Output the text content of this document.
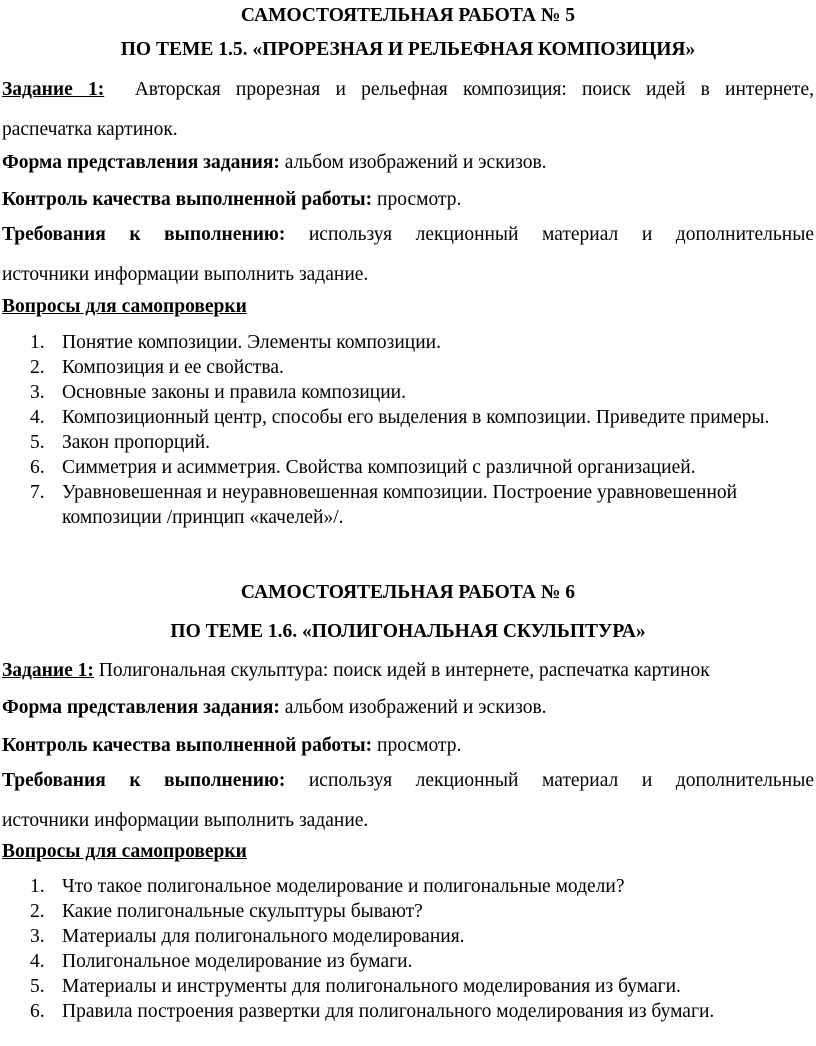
САМОСТОЯТЕЛЬНАЯ РАБОТА № 5
ПО ТЕМЕ 1.5. «ПРОРЕЗНАЯ И РЕЛЬЕФНАЯ КОМПОЗИЦИЯ»
Задание 1: Авторская прорезная и рельефная композиция: поиск идей в интернете,
распечатка картинок.
Форма представления задания: альбом изображений и эскизов.
Контроль качества выполненной работы: просмотр.
Требования к выполнению: используя лекционный материал и дополнительные
источники информации выполнить задание.
Вопросы для самопроверки
1. Понятие композиции. Элементы композиции.
2. Композиция и ее свойства.
3. Основные законы и правила композиции.
4. Композиционный центр, способы его выделения в композиции. Приведите примеры.
5. Закон пропорций.
6. Симметрия и асимметрия. Свойства композиций с различной организацией.
7. Уравновешенная и неуравновешенная композиции. Построение уравновешенной композиции /принцип «качелей»/.
САМОСТОЯТЕЛЬНАЯ РАБОТА № 6
ПО ТЕМЕ 1.6. «ПОЛИГОНАЛЬНАЯ СКУЛЬПТУРА»
Задание 1: Полигональная скульптура: поиск идей в интернете, распечатка картинок
Форма представления задания: альбом изображений и эскизов.
Контроль качества выполненной работы: просмотр.
Требования к выполнению: используя лекционный материал и дополнительные
источники информации выполнить задание.
Вопросы для самопроверки
1. Что такое полигональное моделирование и полигональные модели?
2. Какие полигональные скульптуры бывают?
3. Материалы для полигонального моделирования.
4. Полигональное моделирование из бумаги.
5. Материалы и инструменты для полигонального моделирования из бумаги.
6. Правила построения развертки для полигонального моделирования из бумаги.
